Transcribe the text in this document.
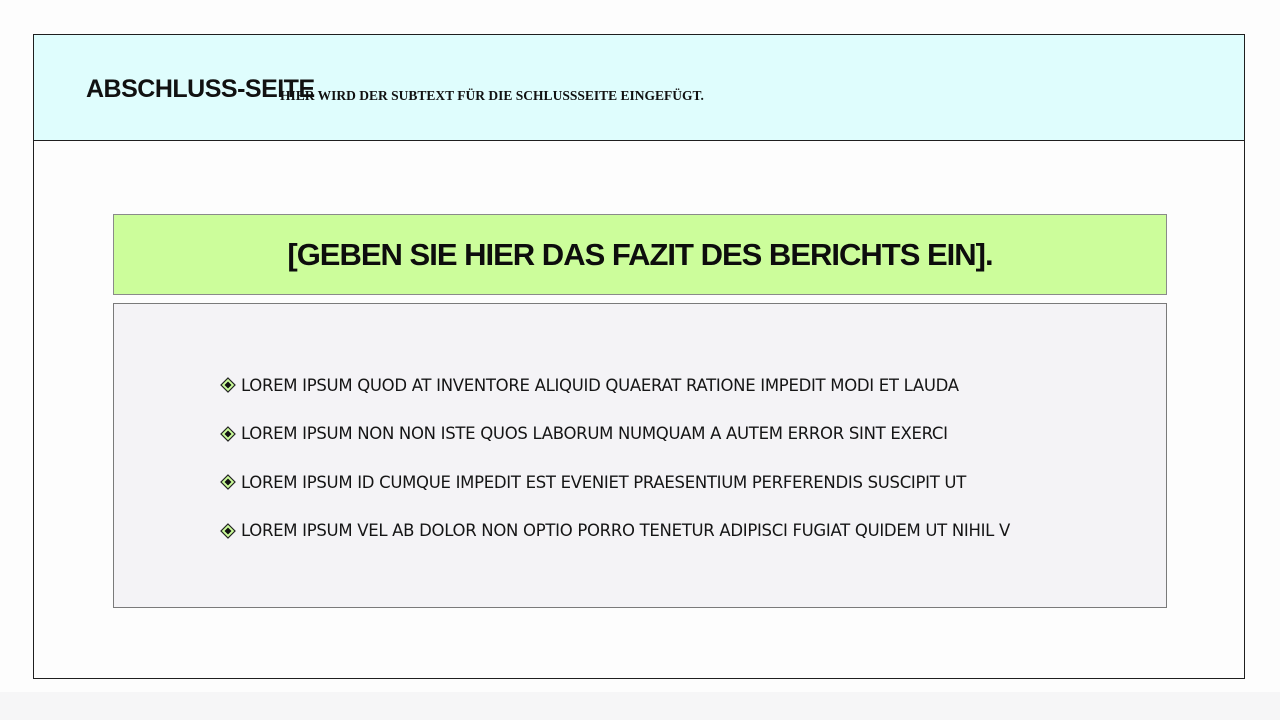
ABSCHLUSS-SEITE
HIER WIRD DER SUBTEXT FÜR DIE SCHLUSSSEITE EINGEFÜGT.
[GEBEN SIE HIER DAS FAZIT DES BERICHTS EIN].
LOREM IPSUM QUOD AT INVENTORE ALIQUID QUAERAT RATIONE IMPEDIT MODI ET LAUDA
LOREM IPSUM NON NON ISTE QUOS LABORUM NUMQUAM A AUTEM ERROR SINT EXERCI
LOREM IPSUM ID CUMQUE IMPEDIT EST EVENIET PRAESENTIUM PERFERENDIS SUSCIPIT UT
LOREM IPSUM VEL AB DOLOR NON OPTIO PORRO TENETUR ADIPISCI FUGIAT QUIDEM UT NIHIL V
